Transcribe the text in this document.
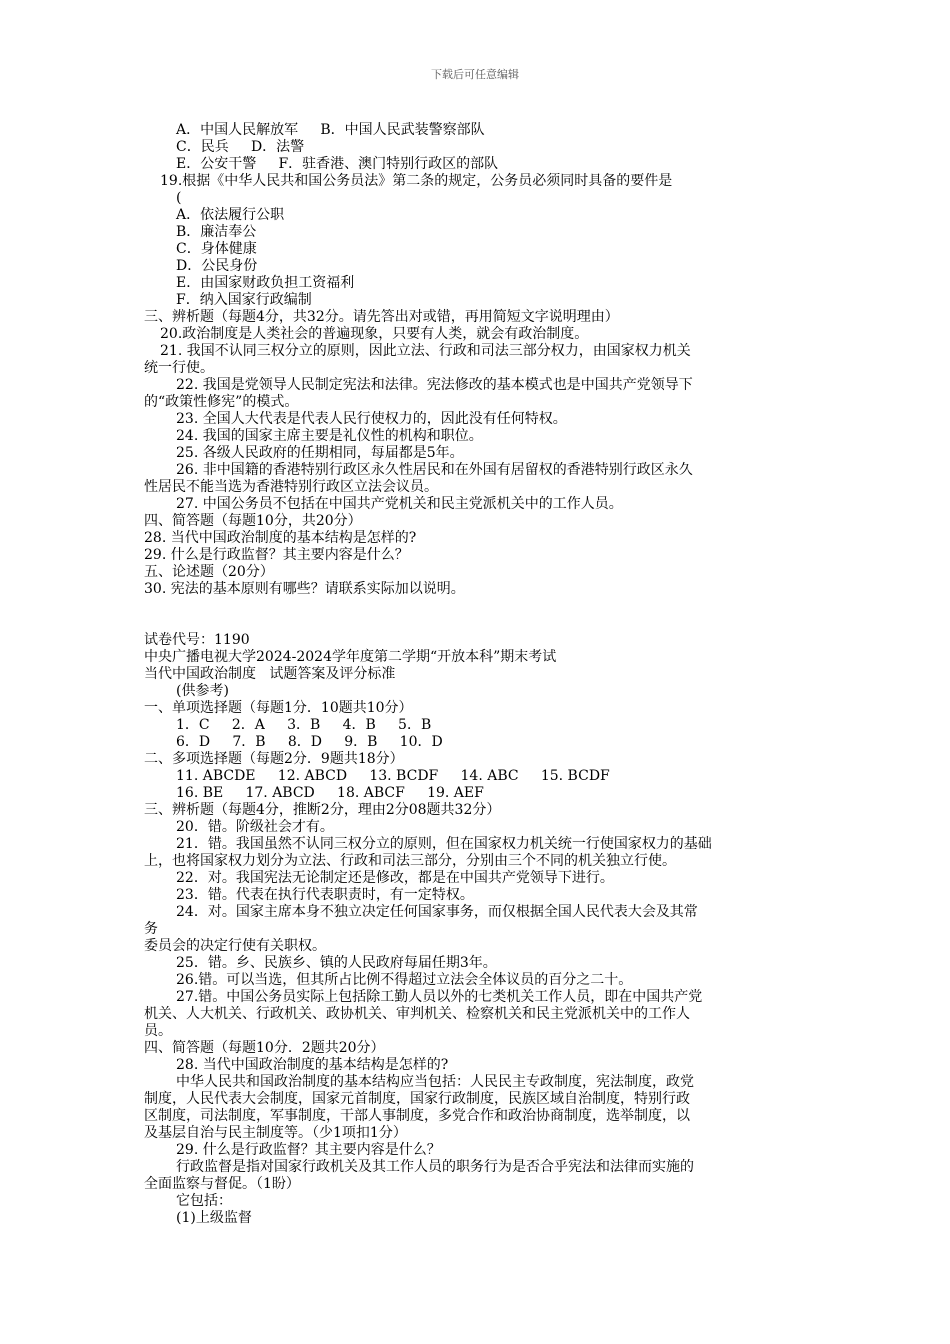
下载后可任意编辑
A．中国人民解放军     B．中国人民武装警察部队
C．民兵     D．法警
E．公安干警     F．驻香港、澳门特别行政区的部队
19.根据《中华人民共和国公务员法》第二条的规定，公务员必须同时具备的要件是
(
A．依法履行公职
B．廉洁奉公
C．身体健康
D．公民身份
E．由国家财政负担工资福利
F．纳入国家行政编制
三、辨析题（每题4分，共32分。请先答出对或错，再用简短文字说明理由）
20.政治制度是人类社会的普遍现象，只要有人类，就会有政治制度。
21. 我国不认同三权分立的原则，因此立法、行政和司法三部分权力，由国家权力机关
统一行使。
22. 我国是党领导人民制定宪法和法律。宪法修改的基本模式也是中国共产党领导下
的“政策性修宪”的模式。
23. 全国人大代表是代表人民行使权力的，因此没有任何特权。
24. 我国的国家主席主要是礼仪性的机构和职位。
25. 各级人民政府的任期相同，每届都是5年。
26. 非中国籍的香港特别行政区永久性居民和在外国有居留权的香港特别行政区永久
性居民不能当选为香港特别行政区立法会议员。
27. 中国公务员不包括在中国共产党机关和民主党派机关中的工作人员。
四、简答题（每题10分，共20分）
28. 当代中国政治制度的基本结构是怎样的?
29. 什么是行政监督？其主要内容是什么？
五、论述题（20分）
30. 宪法的基本原则有哪些？请联系实际加以说明。
试卷代号：1190
中央广播电视大学2024-2024学年度第二学期“开放本科”期末考试
当代中国政治制度   试题答案及评分标准
(供参考)
一、单项选择题（每题1分．10题共10分）
1．C     2．A     3．B     4．B     5．B
6．D     7．B     8．D     9．B     10．D
二、多项选择题（每题2分．9题共18分）
11. ABCDE     12. ABCD     13. BCDF     14. ABC     15. BCDF
16. BE     17. ABCD     18. ABCF     19. AEF
三、辨析题（每题4分，推断2分，理由2分08题共32分）
20．错。阶级社会才有。
21．错。我国虽然不认同三权分立的原则，但在国家权力机关统一行使国家权力的基础
上，也将国家权力划分为立法、行政和司法三部分，分别由三个不同的机关独立行使。
22．对。我国宪法无论制定还是修改，都是在中国共产党领导下进行。
23．错。代表在执行代表职责时，有一定特权。
24．对。国家主席本身不独立决定任何国家事务，而仅根据全国人民代表大会及其常
务
委员会的决定行使有关职权。
25．错。乡、民族乡、镇的人民政府每届任期3年。
26.错。可以当选，但其所占比例不得超过立法会全体议员的百分之二十。
27.错。中国公务员实际上包括除工勤人员以外的七类机关工作人员，即在中国共产党
机关、人大机关、行政机关、政协机关、审判机关、检察机关和民主党派机关中的工作人
员。
四、简答题（每题10分．2题共20分）
28. 当代中国政治制度的基本结构是怎样的?
中华人民共和国政治制度的基本结构应当包括：人民民主专政制度，宪法制度，政党
制度，人民代表大会制度，国家元首制度，国家行政制度，民族区域自治制度，特别行政
区制度，司法制度，军事制度，干部人事制度，多党合作和政治协商制度，选举制度，以
及基层自治与民主制度等。（少1项扣1分）
29. 什么是行政监督？其主要内容是什么？
行政监督是指对国家行政机关及其工作人员的职务行为是否合乎宪法和法律而实施的
全面监察与督促。（1盼）
它包括：
(1)上级监督
